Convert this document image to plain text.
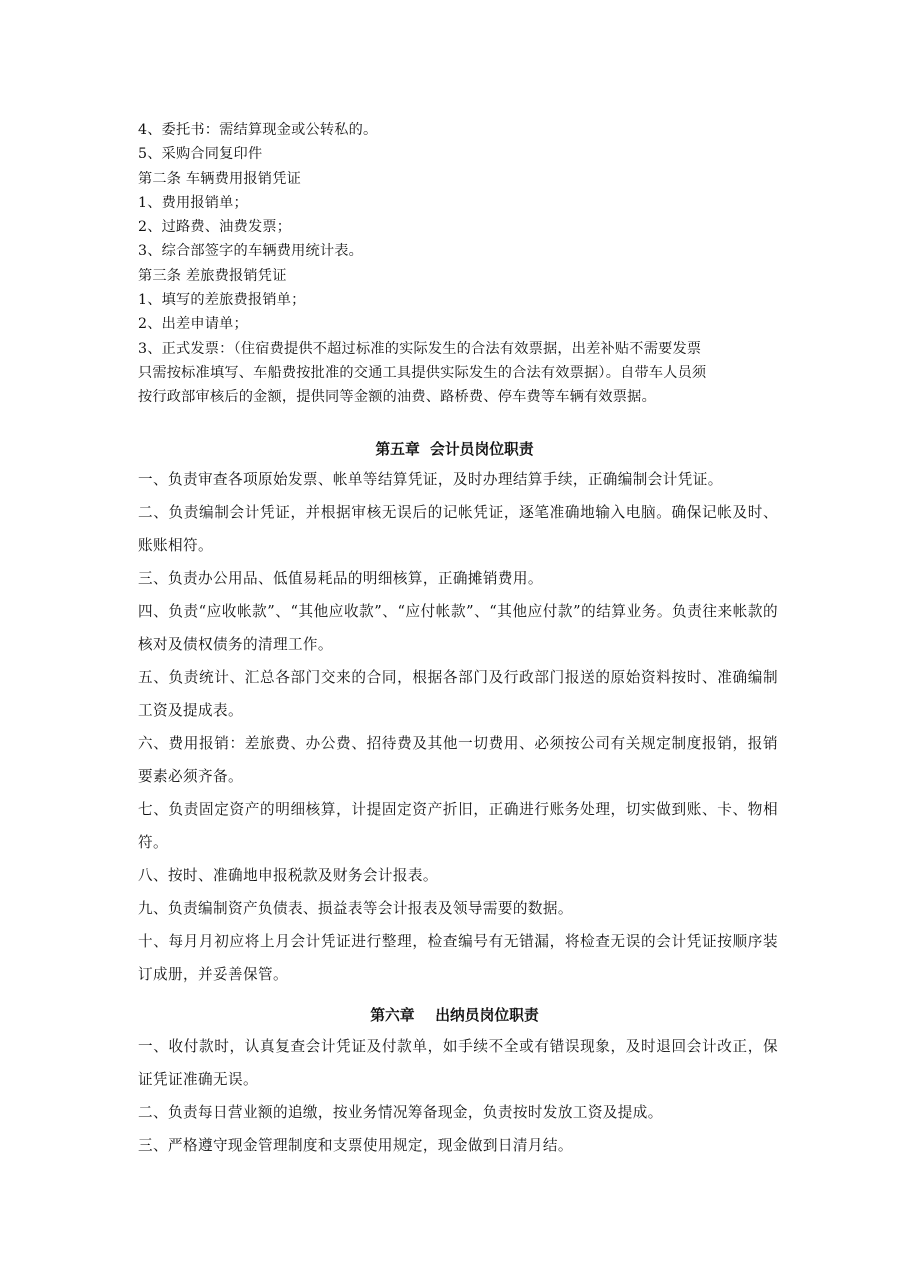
4、委托书：需结算现金或公转私的。
5、采购合同复印件
第二条 车辆费用报销凭证
1、费用报销单；
2、过路费、油费发票；
3、综合部签字的车辆费用统计表。
第三条 差旅费报销凭证
1、填写的差旅费报销单；
2、出差申请单；
3、正式发票：（住宿费提供不超过标准的实际发生的合法有效票据，出差补贴不需要发票
只需按标准填写、车船费按批准的交通工具提供实际发生的合法有效票据）。自带车人员须
按行政部审核后的金额，提供同等金额的油费、路桥费、停车费等车辆有效票据。
第五章  会计员岗位职责
一、负责审查各项原始发票、帐单等结算凭证，及时办理结算手续，正确编制会计凭证。
二、负责编制会计凭证，并根据审核无误后的记帐凭证，逐笔准确地输入电脑。确保记帐及时、账账相符。
三、负责办公用品、低值易耗品的明细核算，正确摊销费用。
四、负责“应收帐款”、“其他应收款”、“应付帐款”、“其他应付款”的结算业务。负责往来帐款的核对及债权债务的清理工作。
五、负责统计、汇总各部门交来的合同，根据各部门及行政部门报送的原始资料按时、准确编制工资及提成表。
六、费用报销：差旅费、办公费、招待费及其他一切费用、必须按公司有关规定制度报销，报销要素必须齐备。
七、负责固定资产的明细核算，计提固定资产折旧，正确进行账务处理，切实做到账、卡、物相符。
八、按时、准确地申报税款及财务会计报表。
九、负责编制资产负债表、损益表等会计报表及领导需要的数据。
十、每月月初应将上月会计凭证进行整理，检查编号有无错漏，将检查无误的会计凭证按顺序装订成册，并妥善保管。
第六章    出纳员岗位职责
一、收付款时，认真复查会计凭证及付款单，如手续不全或有错误现象，及时退回会计改正，保证凭证准确无误。
二、负责每日营业额的追缴，按业务情况筹备现金，负责按时发放工资及提成。
三、严格遵守现金管理制度和支票使用规定，现金做到日清月结。
